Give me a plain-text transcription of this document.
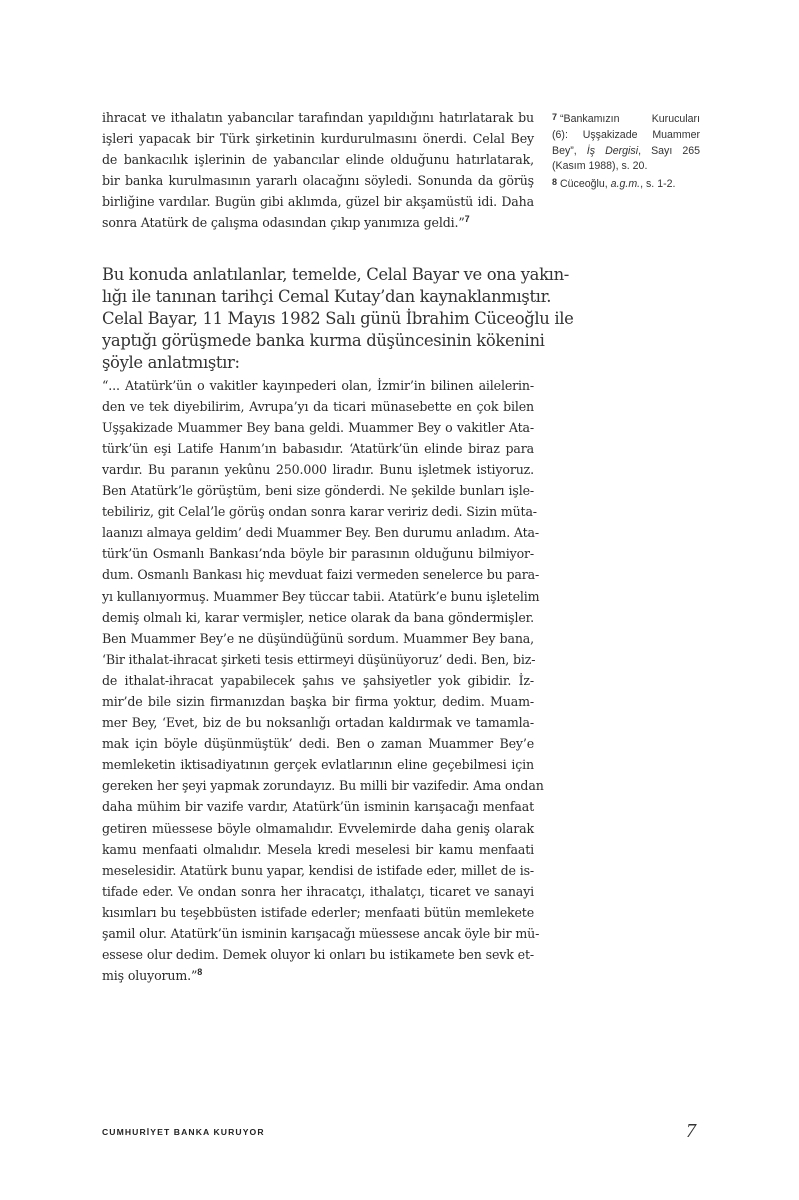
ihracat ve ithalatın yabancılar tarafından yapıldığını hatırlatarak bu
işleri yapacak bir Türk şirketinin kurdurulmasını önerdi. Celal Bey
de bankacılık işlerinin de yabancılar elinde olduğunu hatırlatarak,
bir banka kurulmasının yararlı olacağını söyledi. Sonunda da görüş
birliğine vardılar. Bugün gibi aklımda, güzel bir akşamüstü idi. Daha
sonra Atatürk de çalışma odasından çıkıp yanımıza geldi.”$^7$

Bu konuda anlatılanlar, temelde, Celal Bayar ve ona yakın-
lığı ile tanınan tarihçi Cemal Kutay’dan kaynaklanmıştır.
Celal Bayar, 11 Mayıs 1982 Salı günü İbrahim Cüceoğlu ile
yaptığı görüşmede banka kurma düşüncesinin kökenini
şöyle anlatmıştır:

“... Atatürk’ün o vakitler kayınpederi olan, İzmir’in bilinen ailelerin-
den ve tek diyebilirim, Avrupa’yı da ticari münasebette en çok bilen
Uşşakizade Muammer Bey bana geldi. Muammer Bey o vakitler Ata-
türk’ün eşi Latife Hanım’ın babasıdır. ‘Atatürk’ün elinde biraz para
vardır. Bu paranın yekûnu 250.000 liradır. Bunu işletmek istiyoruz.
Ben Atatürk’le görüştüm, beni size gönderdi. Ne şekilde bunları işle-
tebiliriz, git Celal’le görüş ondan sonra karar veririz dedi. Sizin müta-
laanızı almaya geldim’ dedi Muammer Bey. Ben durumu anladım. Ata-
türk’ün Osmanlı Bankası’nda böyle bir parasının olduğunu bilmiyor-
dum. Osmanlı Bankası hiç mevduat faizi vermeden senelerce bu para-
yı kullanıyormuş. Muammer Bey tüccar tabii. Atatürk’e bunu işletelim
demiş olmalı ki, karar vermişler, netice olarak da bana göndermişler.
Ben Muammer Bey’e ne düşündüğünü sordum. Muammer Bey bana,
‘Bir ithalat-ihracat şirketi tesis ettirmeyi düşünüyoruz’ dedi. Ben, biz-
de ithalat-ihracat yapabilecek şahıs ve şahsiyetler yok gibidir. İz-
mir’de bile sizin firmanızdan başka bir firma yoktur, dedim. Muam-
mer Bey, ‘Evet, biz de bu noksanlığı ortadan kaldırmak ve tamamla-
mak için böyle düşünmüştük’ dedi. Ben o zaman Muammer Bey’e
memleketin iktisadiyatının gerçek evlatlarının eline geçebilmesi için
gereken her şeyi yapmak zorundayız. Bu milli bir vazifedir. Ama ondan
daha mühim bir vazife vardır, Atatürk’ün isminin karışacağı menfaat
getiren müessese böyle olmamalıdır. Evvelemirde daha geniş olarak
kamu menfaati olmalıdır. Mesela kredi meselesi bir kamu menfaati
meselesidir. Atatürk bunu yapar, kendisi de istifade eder, millet de is-
tifade eder. Ve ondan sonra her ihracatçı, ithalatçı, ticaret ve sanayi
kısımları bu teşebbüsten istifade ederler; menfaati bütün memlekete
şamil olur. Atatürk’ün isminin karışacağı müessese ancak öyle bir mü-
essese olur dedim. Demek oluyor ki onları bu istikamete ben sevk et-
miş oluyorum.”$^8$

7 “Bankamızın Kurucuları
(6): Uşşakizade Muammer
Bey”, İş Dergisi, Sayı 265
(Kasım 1988), s. 20.
8 Cüceoğlu, a.g.m., s. 1-2.
CUMHURİYET BANKA KURUYOR	7
